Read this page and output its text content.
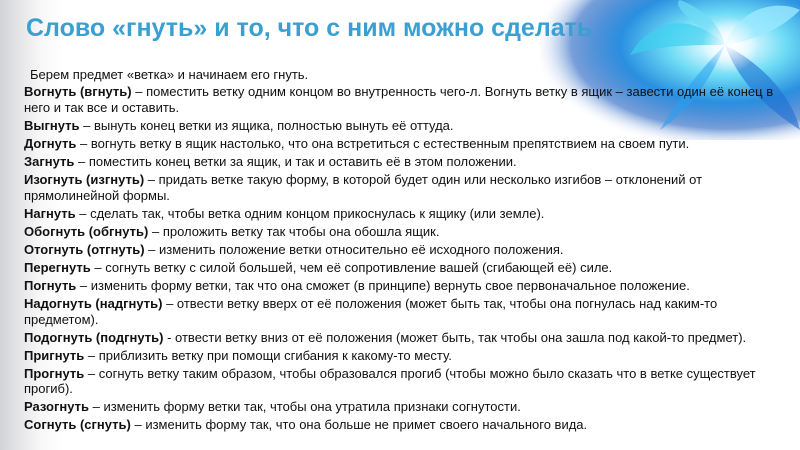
Слово «гнуть» и то, что с ним можно сделать
Берем предмет «ветка» и начинаем его гнуть.
Вогнуть (вгнуть) – поместить ветку одним концом во внутренность чего-л. Вогнуть ветку в ящик – завести один её конец в него и так все и оставить.
Выгнуть – вынуть конец ветки из ящика, полностью вынуть её оттуда.
Догнуть – вогнуть ветку в ящик настолько, что она встретиться с естественным препятствием на своем пути.
Загнуть – поместить конец ветки за ящик, и так и оставить её в этом положении.
Изогнуть (изгнуть) – придать ветке такую форму, в которой будет один или несколько изгибов – отклонений от прямолинейной формы.
Нагнуть – сделать так, чтобы ветка одним концом прикоснулась к ящику (или земле).
Обогнуть (обгнуть) – проложить ветку так чтобы она обошла ящик.
Отогнуть (отгнуть) – изменить положение ветки относительно её исходного положения.
Перегнуть – согнуть ветку с силой большей, чем её сопротивление вашей (сгибающей её) силе.
Погнуть – изменить форму ветки, так что она сможет (в принципе) вернуть свое первоначальное положение.
Надогнуть (надгнуть) – отвести ветку вверх от её положения (может быть так, чтобы она погнулась над каким-то предметом).
Подогнуть (подгнуть) - отвести ветку вниз от её положения (может быть, так чтобы она зашла под какой-то предмет).
Пригнуть – приблизить ветку при помощи сгибания к какому-то месту.
Прогнуть – согнуть ветку таким образом, чтобы образовался прогиб (чтобы можно было сказать что в ветке существует прогиб).
Разогнуть – изменить форму ветки так, чтобы она утратила признаки согнутости.
Согнуть (сгнуть) – изменить форму так, что она больше не примет своего начального вида.
